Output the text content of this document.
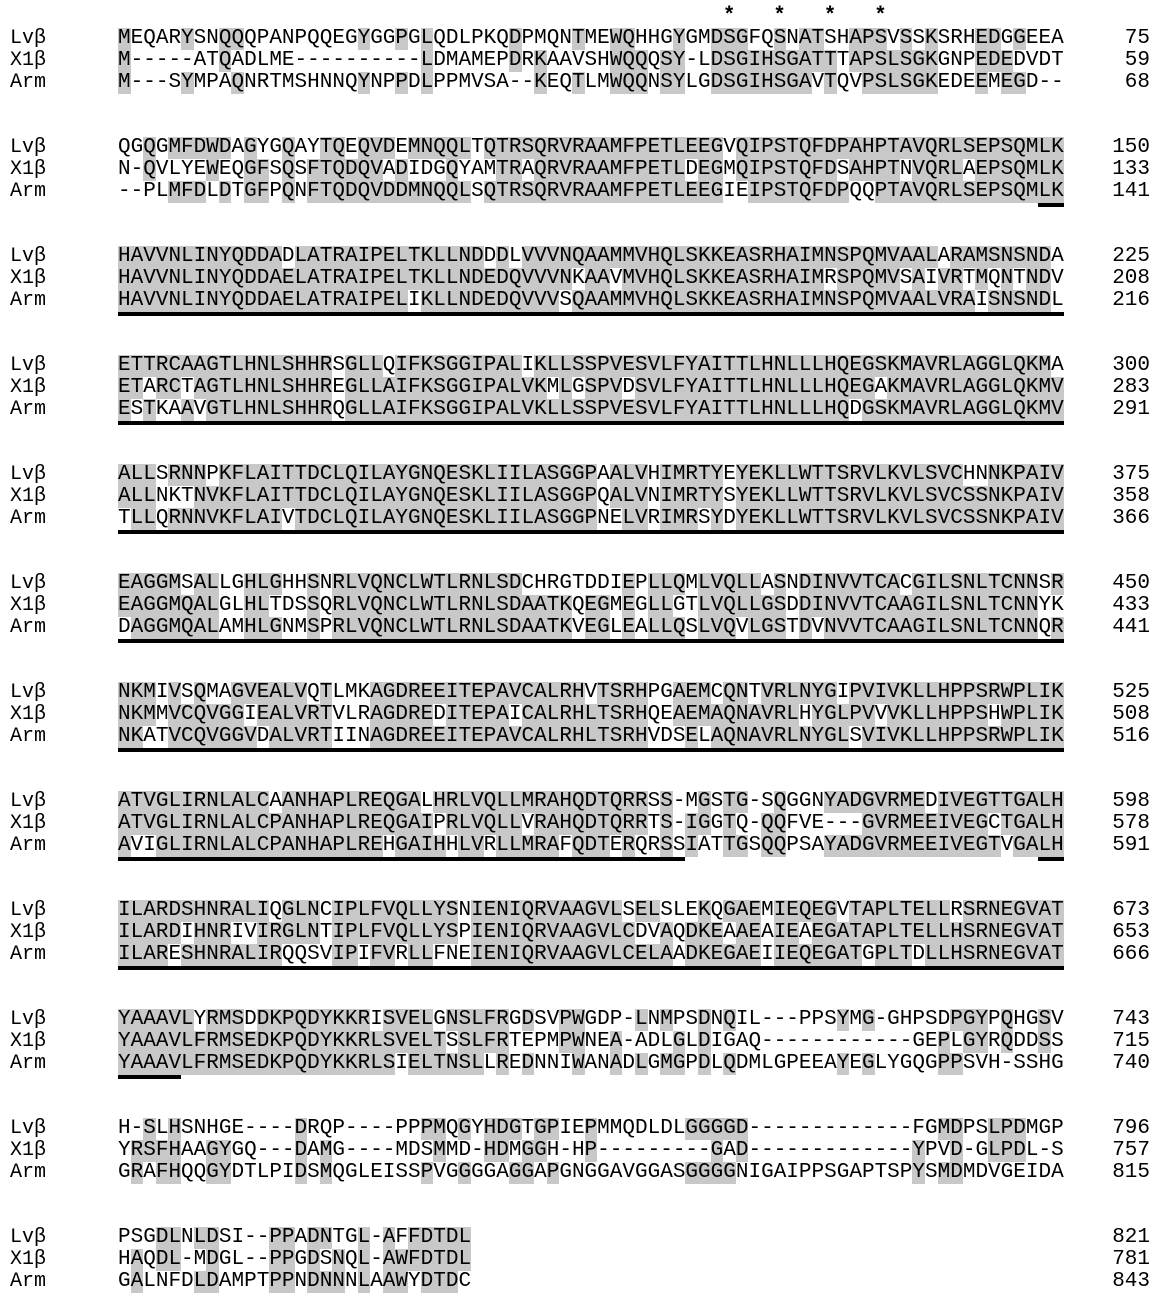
*   *   *   *
Lvβ	MEQARYSNQQQPANPQQEGYGGPGLQDLPKQDPMQNTMEWQHHGYGMDSGFQSNATSHAPSVSSKSRHEDGGEEA	75
X1β	M-----ATQADLME----------LDMAMEPDRKAAVSHWQQQSY-LDSGIHSGATTTAPSLSGKGNPEDEDVDT	59
Arm	M---SYMPAQNRTMSHNNQYNPPDLPPMVSA--KEQTLMWQQNSYLGDSGIHSGAVTQVPSLSGKEDEEMEGD--	68
Lvβ	QGQGMFDWDAGYGQAYTQEQVDEMNQQLTQTRSQRVRAAMFPETLEEGVQIPSTQFDPAHPTAVQRLSEPSQMLK	150
X1β	N-QVLYEWEQGFSQSFTQDQVADIDGQYAMTRAQRVRAAMFPETLDEGMQIPSTQFDSAHPTNVQRLAEPSQMLK	133
Arm	--PLMFDLDTGFPQNFTQDQVDDMNQQLSQTRSQRVRAAMFPETLEEGIEIPSTQFDPQQPTAVQRLSEPSQMLK	141
Lvβ	HAVVNLINYQDDADLATRAIPELTKLLNDDDLVVVNQAAMMVHQLSKKEASRHAIMNSPQMVAALARAMSNSNDA	225
X1β	HAVVNLINYQDDAELATRAIPELTKLLNDEDQVVVNKAAVMVHQLSKKEASRHAIMRSPQMVSAIVRTMQNTNDV	208
Arm	HAVVNLINYQDDAELATRAIPELIKLLNDEDQVVVSQAAMMVHQLSKKEASRHAIMNSPQMVAALVRAISNSNDL	216
Lvβ	ETTRCAAGTLHNLSHHRSGLLQIFKSGGIPALIKLLSSPVESVLFYAITTLHNLLLHQEGSKMAVRLAGGLQKMA	300
X1β	ETARCTAGTLHNLSHHREGLLAIFKSGGIPALVKMLGSPVDSVLFYAITTLHNLLLHQEGAKMAVRLAGGLQKMV	283
Arm	ESTKAAVGTLHNLSHHRQGLLAIFKSGGIPALVKLLSSPVESVLFYAITTLHNLLLHQDGSKMAVRLAGGLQKMV	291
Lvβ	ALLSRNNPKFLAITTDCLQILAYGNQESKLIILASGGPAALVHIMRTYEYEKLLWTTSRVLKVLSVCHNNKPAIV	375
X1β	ALLNKTNVKFLAITTDCLQILAYGNQESKLIILASGGPQALVNIMRTYSYEKLLWTTSRVLKVLSVCSSNKPAIV	358
Arm	TLLQRNNVKFLAIVTDCLQILAYGNQESKLIILASGGPNELVRIMRSYDYEKLLWTTSRVLKVLSVCSSNKPAIV	366
Lvβ	EAGGMSALLGHLGHHSNRLVQNCLWTLRNLSDCHRGTDDIEPLLQMLVQLLASNDINVVTCACGILSNLTCNNSR	450
X1β	EAGGMQALGLHLTDSSQRLVQNCLWTLRNLSDAATKQEGMEGLLGTLVQLLGSDDINVVTCAAGILSNLTCNNYK	433
Arm	DAGGMQALAMHLGNMSPRLVQNCLWTLRNLSDAATKVEGLEALLQSLVQVLGSTDVNVVTCAAGILSNLTCNNQR	441
Lvβ	NKMIVSQMAGVEALVQTLMKAGDREEITEPAVCALRHVTSRHPGAEMCQNTVRLNYGIPVIVKLLHPPSRWPLIK	525
X1β	NKMMVCQVGGIEALVRTVLRAGDREDITEPAICALRHLTSRHQEAEMAQNAVRLHYGLPVVVKLLHPPSHWPLIK	508
Arm	NKATVCQVGGVDALVRTIINAGDREEITEPAVCALRHLTSRHVDSELAQNAVRLNYGLSVIVKLLHPPSRWPLIK	516
Lvβ	ATVGLIRNLALCAANHAPLREQGALHRLVQLLMRAHQDTQRRSS-MGSTG-SQGGNYADGVRMEDIVEGTTGALH	598
X1β	ATVGLIRNLALCPANHAPLREQGAIPRLVQLLVRAHQDTQRRTS-IGGTQ-QQFVE---GVRMEEIVEGCTGALH	578
Arm	AVIGLIRNLALCPANHAPLREHGAIHHLVRLLMRAFQDTERQRSSIATTGSQQPSAYADGVRMEEIVEGTVGALH	591
Lvβ	ILARDSHNRALIQGLNCIPLFVQLLYSNIENIQRVAAGVLSELSLEKQGAEMIEQEGVTAPLTELLRSRNEGVAT	673
X1β	ILARDIHNRIVIRGLNTIPLFVQLLYSPIENIQRVAAGVLCDVAQDKEAAEAIEAEGATAPLTELLHSRNEGVAT	653
Arm	ILARESHNRALIRQQSVIPIFVRLLFNEIENIQRVAAGVLCELAADKEGAEIIEQEGATGPLTDLLHSRNEGVAT	666
Lvβ	YAAAVLYRMSDDKPQDYKKRISVELGNSLFRGDSVPWGDP-LNMPSDNQIL---PPSYMG-GHPSDPGYPQHGSV	743
X1β	YAAAVLFRMSEDKPQDYKKRLSVELTSSLFRTEPMPWNEA-ADLGLDIGAQ------------GEPLGYRQDDSS	715
Arm	YAAAVLFRMSEDKPQDYKKRLSIELTNSLLREDNNIWANADLGMGPDLQDMLGPEEAYEGLYGQGPPSVH-SSHG	740
Lvβ	H-SLHSNHGE----DRQP----PPPMQGYHDGTGPIEPMMQDLDLGGGGD-------------FGMDPSLPDMGP	796
X1β	YRSFHAAGYGQ---DAMG----MDSMMD-HDMGGH-HP---------GAD-------------YPVD-GLPDL-S	757
Arm	GRAFHQQGYDTLPIDSMQGLEISSPVGGGGAGGAPGNGGAVGGASGGGGNIGAIPPSGAPTSPYSMDMDVGEIDA	815
Lvβ	PSGDLNLDSI--PPADNTGL-AFFDTDL	821
X1β	HAQDL-MDGL--PPGDSNQL-AWFDTDL	781
Arm	GALNFDLDAMPTPPNDNNNLAAWYDTDC	843
